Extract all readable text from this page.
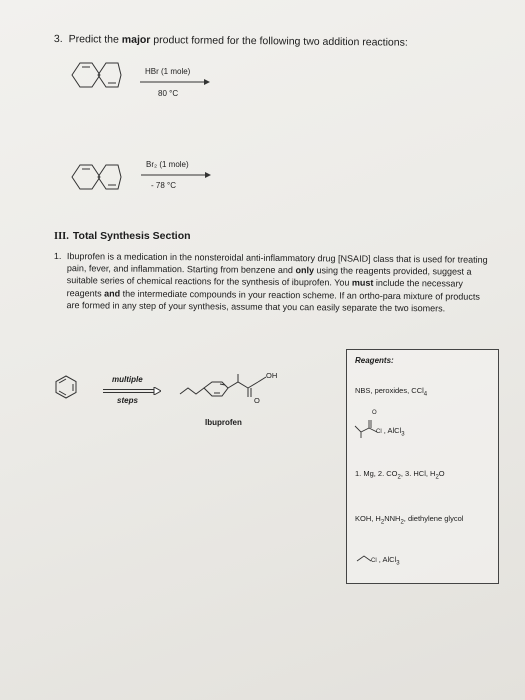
3. Predict the major product formed for the following two addition reactions:
HBr (1 mole)
80 °C
Br₂ (1 mole)
- 78 °C
III. Total Synthesis Section
1. Ibuprofen is a medication in the nonsteroidal anti-inflammatory drug [NSAID] class that is used for treating pain, fever, and inflammation. Starting from benzene and only using the reagents provided, suggest a suitable series of chemical reactions for the synthesis of ibuprofen. You must include the necessary reagents and the intermediate compounds in your reaction scheme. If an ortho-para mixture of products are formed in any step of your synthesis, assume that you can easily separate the two isomers.
multiple
steps
OH
O
Ibuprofen
Reagents:
NBS, peroxides, CCl$_4$
Cl , AlCl$_3$
1. Mg, 2. $CO_2$, 3. HCl, $H_2O$
KOH, $H_2NNH_2$, diethylene glycol
Cl , AlCl$_3$
O
